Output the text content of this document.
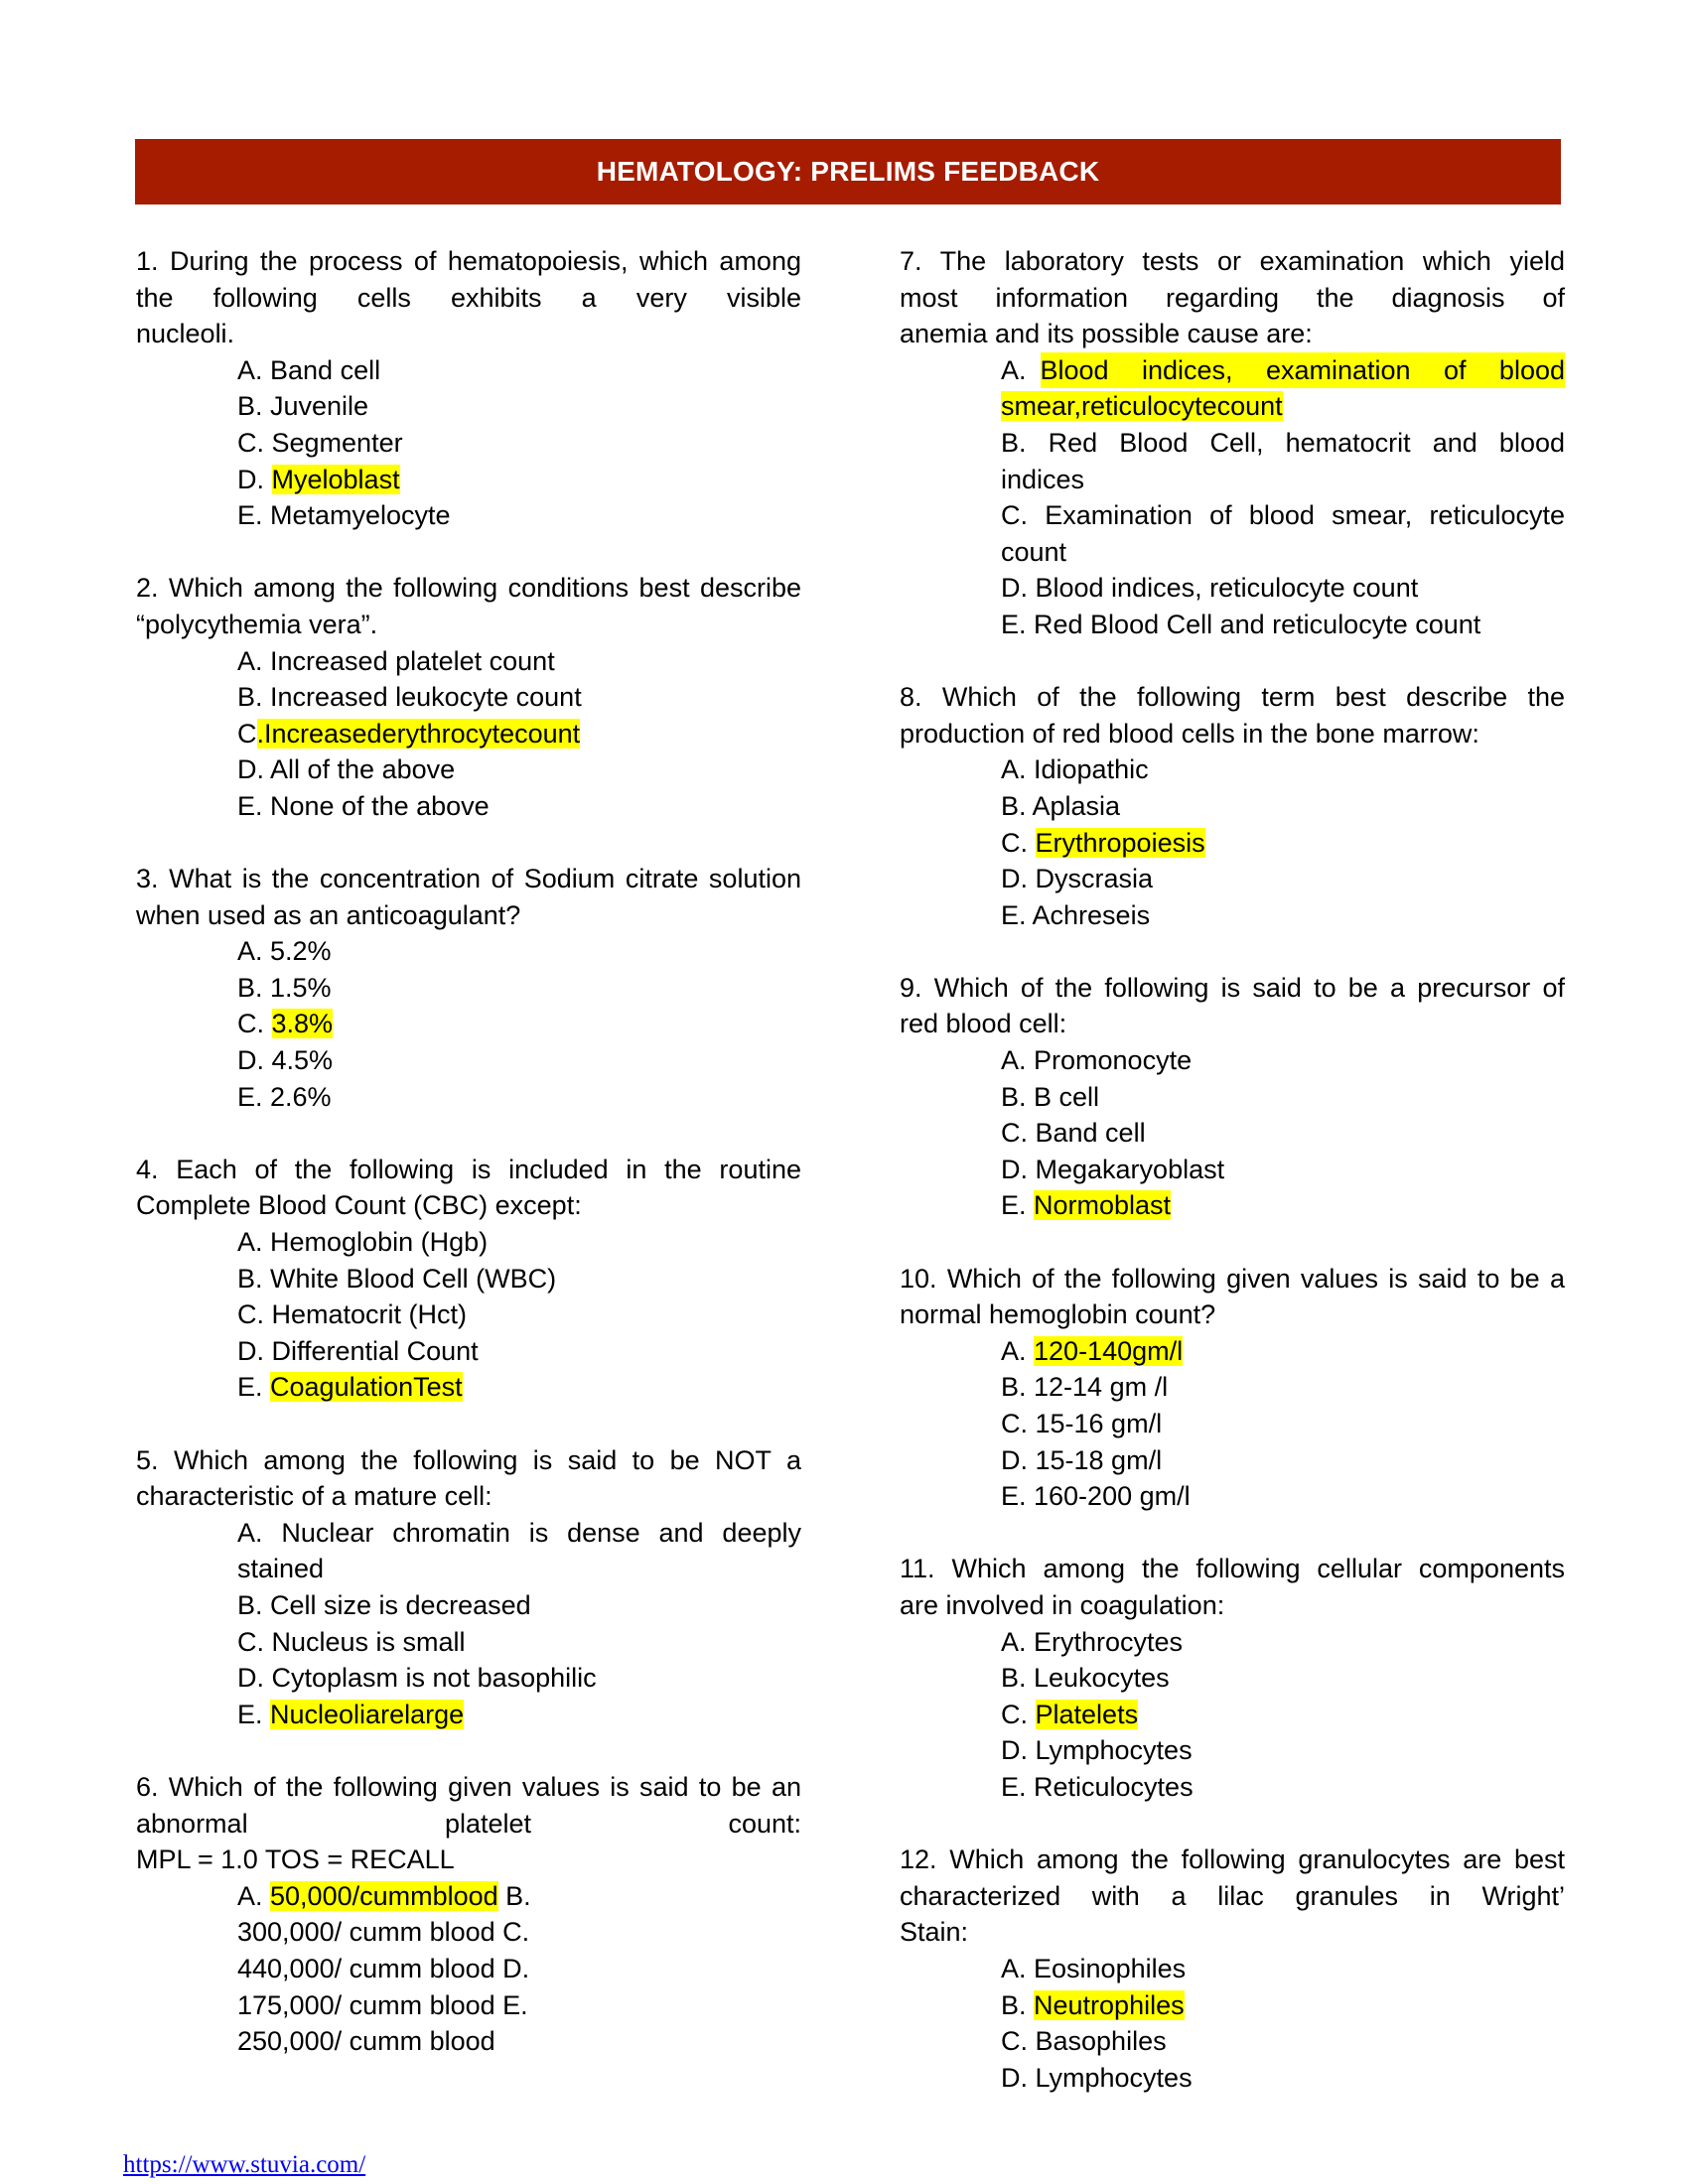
HEMATOLOGY: PRELIMS FEEDBACK
1. During the process of hematopoiesis, which among
the following cells exhibits a very visible
nucleoli.
A. Band cell
B. Juvenile
C. Segmenter
D. Myeloblast
E. Metamyelocyte
2. Which among the following conditions best describe
“polycythemia vera”.
A. Increased platelet count
B. Increased leukocyte count
C.Increasederythrocytecount
D. All of the above
E. None of the above
3. What is the concentration of Sodium citrate solution
when used as an anticoagulant?
A. 5.2%
B. 1.5%
C. 3.8%
D. 4.5%
E. 2.6%
4. Each of the following is included in the routine
Complete Blood Count (CBC) except:
A. Hemoglobin (Hgb)
B. White Blood Cell (WBC)
C. Hematocrit (Hct)
D. Differential Count
E. CoagulationTest
5. Which among the following is said to be NOT a
characteristic of a mature cell:
A. Nuclear chromatin is dense and deeply
stained
B. Cell size is decreased
C. Nucleus is small
D. Cytoplasm is not basophilic
E. Nucleoliarelarge
6. Which of the following given values is said to be an
abnormal platelet count:
MPL = 1.0 TOS = RECALL
A. 50,000/cummblood B.
300,000/ cumm blood C.
440,000/ cumm blood D.
175,000/ cumm blood E.
250,000/ cumm blood
7. The laboratory tests or examination which yield
most information regarding the diagnosis of
anemia and its possible cause are:
A. Blood indices, examination of blood
smear,reticulocytecount
B. Red Blood Cell, hematocrit and blood
indices
C. Examination of blood smear, reticulocyte
count
D. Blood indices, reticulocyte count
E. Red Blood Cell and reticulocyte count
8. Which of the following term best describe the
production of red blood cells in the bone marrow:
A. Idiopathic
B. Aplasia
C. Erythropoiesis
D. Dyscrasia
E. Achreseis
9. Which of the following is said to be a precursor of
red blood cell:
A. Promonocyte
B. B cell
C. Band cell
D. Megakaryoblast
E. Normoblast
10. Which of the following given values is said to be a
normal hemoglobin count?
A. 120-140gm/l
B. 12-14 gm /l
C. 15-16 gm/l
D. 15-18 gm/l
E. 160-200 gm/l
11. Which among the following cellular components
are involved in coagulation:
A. Erythrocytes
B. Leukocytes
C. Platelets
D. Lymphocytes
E. Reticulocytes
12. Which among the following granulocytes are best
characterized with a lilac granules in Wright’
Stain:
A. Eosinophiles
B. Neutrophiles
C. Basophiles
D. Lymphocytes
https://www.stuvia.com/
